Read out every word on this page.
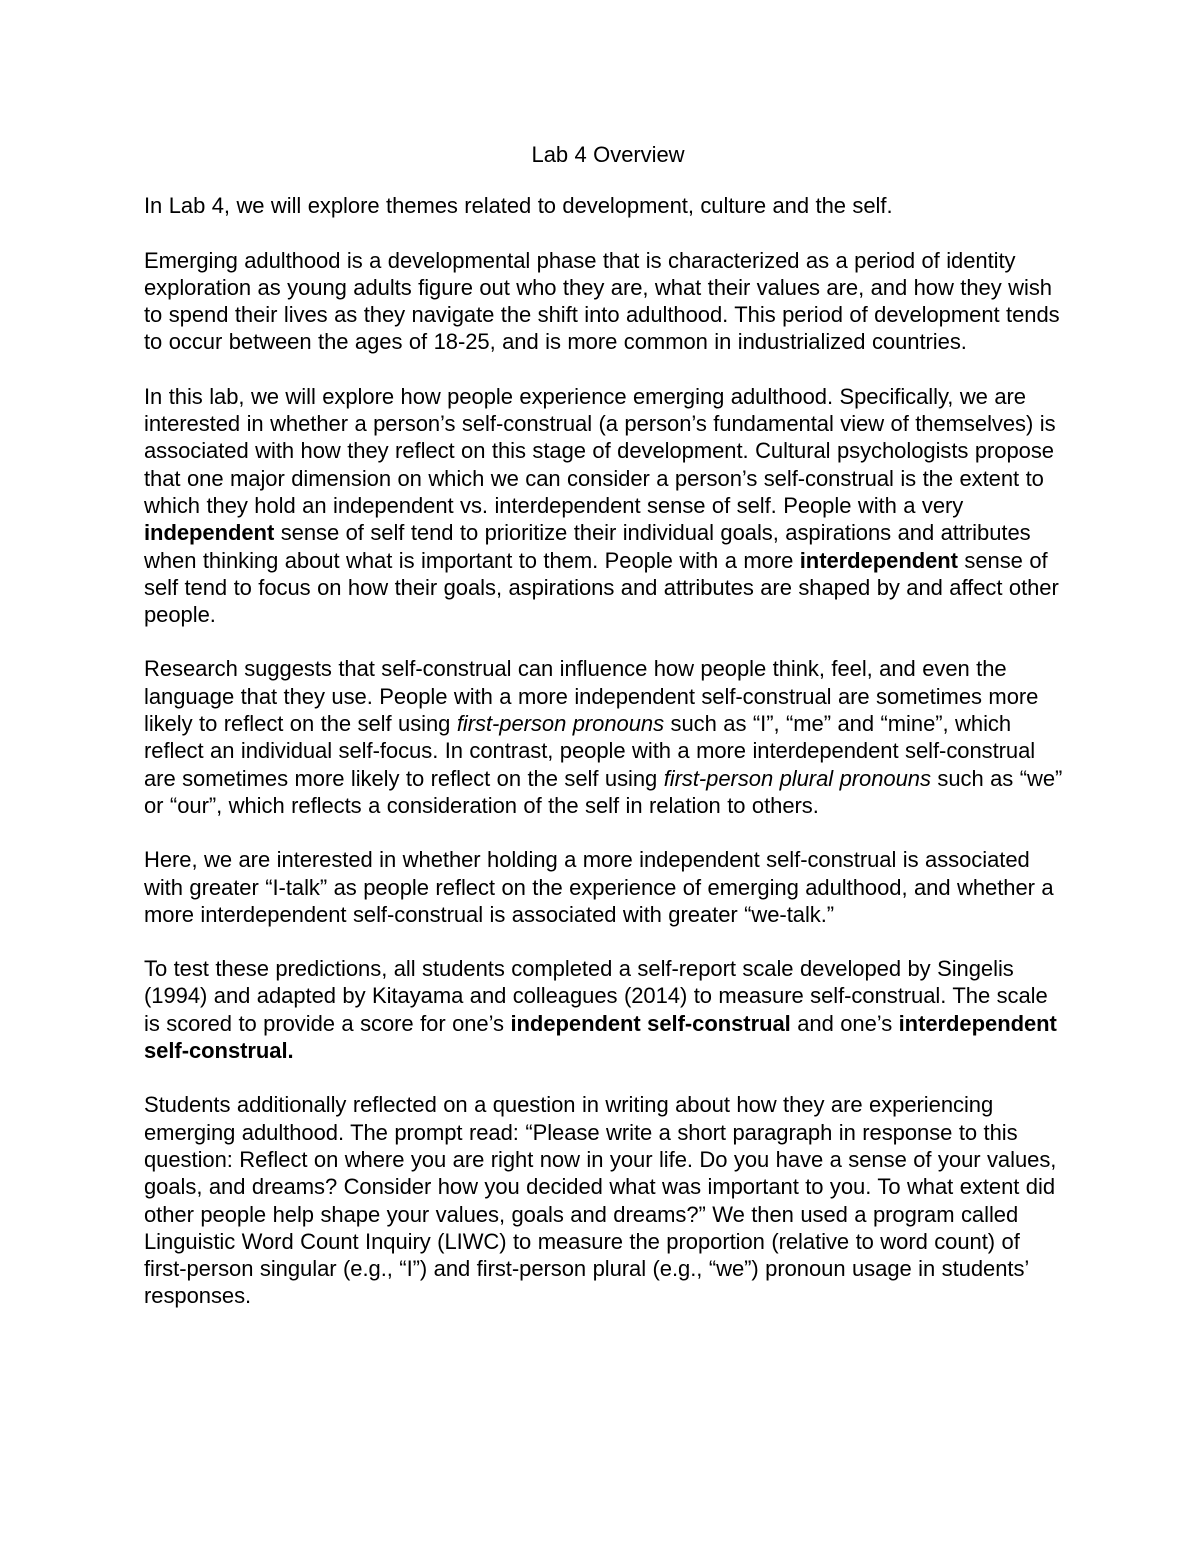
Lab 4 Overview

In Lab 4, we will explore themes related to development, culture and the self.

Emerging adulthood is a developmental phase that is characterized as a period of identity exploration as young adults figure out who they are, what their values are, and how they wish to spend their lives as they navigate the shift into adulthood. This period of development tends to occur between the ages of 18-25, and is more common in industrialized countries.

In this lab, we will explore how people experience emerging adulthood. Specifically, we are interested in whether a person’s self-construal (a person’s fundamental view of themselves) is associated with how they reflect on this stage of development. Cultural psychologists propose that one major dimension on which we can consider a person’s self-construal is the extent to which they hold an independent vs. interdependent sense of self. People with a very independent sense of self tend to prioritize their individual goals, aspirations and attributes when thinking about what is important to them. People with a more interdependent sense of self tend to focus on how their goals, aspirations and attributes are shaped by and affect other people.

Research suggests that self-construal can influence how people think, feel, and even the language that they use. People with a more independent self-construal are sometimes more likely to reflect on the self using first-person pronouns such as “I”, “me” and “mine”, which reflect an individual self-focus. In contrast, people with a more interdependent self-construal are sometimes more likely to reflect on the self using first-person plural pronouns such as “we” or “our”, which reflects a consideration of the self in relation to others.

Here, we are interested in whether holding a more independent self-construal is associated with greater “I-talk” as people reflect on the experience of emerging adulthood, and whether a more interdependent self-construal is associated with greater “we-talk.”

To test these predictions, all students completed a self-report scale developed by Singelis (1994) and adapted by Kitayama and colleagues (2014) to measure self-construal. The scale is scored to provide a score for one’s independent self-construal and one’s interdependent self-construal.

Students additionally reflected on a question in writing about how they are experiencing emerging adulthood. The prompt read: “Please write a short paragraph in response to this question: Reflect on where you are right now in your life. Do you have a sense of your values, goals, and dreams? Consider how you decided what was important to you. To what extent did other people help shape your values, goals and dreams?” We then used a program called Linguistic Word Count Inquiry (LIWC) to measure the proportion (relative to word count) of first-person singular (e.g., “I”) and first-person plural (e.g., “we”) pronoun usage in students’ responses.
